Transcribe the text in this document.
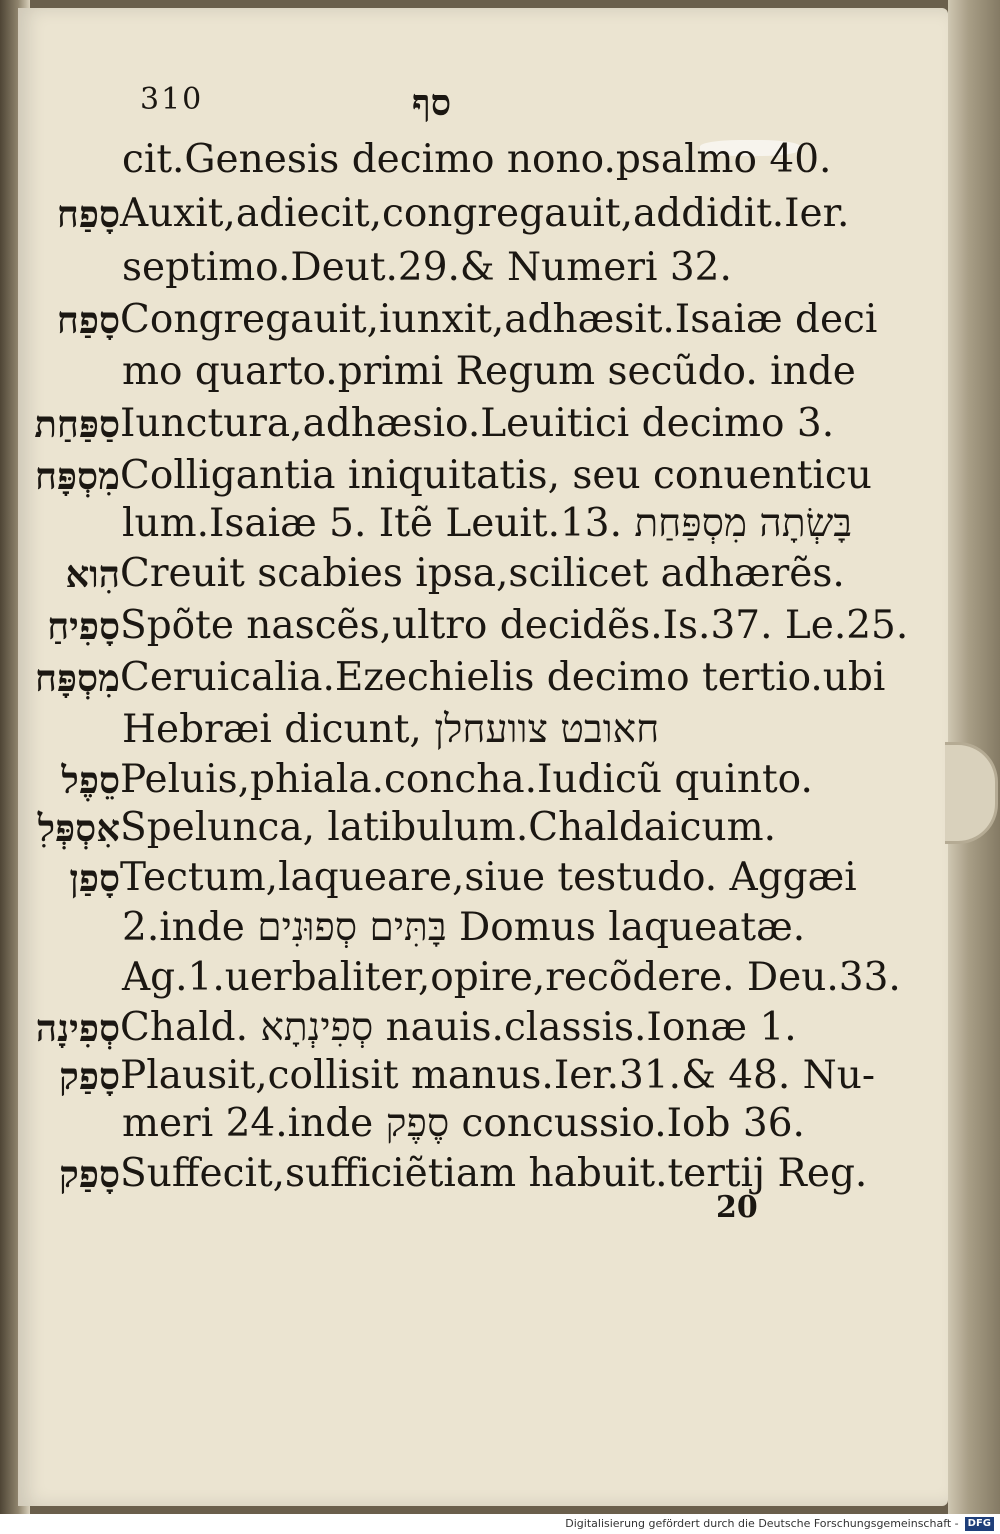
310	סף
cit.Genesis decimo nono.psalmo 40.
סָפַח Auxit,adiecit,congregauit,addidit.Ier.
septimo.Deut.29.& Numeri 32.
סָפַח Congregauit,iunxit,adhæsit.Isaiæ deci
mo quarto.primi Regum secũdo. inde
סַפַּחַת Iunctura,adhæsio.Leuitici decimo 3.
מִסְפָּח Colligantia iniquitatis, seu conuenticu
lum.Isaiæ 5. Itẽ Leuit.13. בָּשְׂתָה מִסְפַּחַת
הִוא Creuit scabies ipsa,scilicet adhærẽs.
סָפִיחַ Spõte nascẽs,ultro decidẽs.Is.37. Le.25.
מִסְפָּח Ceruicalia.Ezechielis decimo tertio.ubi
Hebræi dicunt, חאובט צוועחלן
סֵפֶל Peluis,phiala.concha.Iudicũ quinto.
אִסְפְּלִ Spelunca, latibulum.Chaldaicum.
סָפַן Tectum,laqueare,siue testudo. Aggæi
2.inde בָּתִּים סְפוּנִים Domus laqueatæ.
Ag.1.uerbaliter,opire,recõdere. Deu.33.
סְפִינָה Chald. סְפִינְתָא nauis.classis.Ionæ 1.
סָפַק Plausit,collisit manus.Ier.31.& 48. Nu-
meri 24.inde סֶפֶק concussio.Iob 36.
סָפַק Suffecit,sufficiẽtiam habuit.tertij Reg.
20
Digitalisierung gefördert durch die Deutsche Forschungsgemeinschaft - DFG
